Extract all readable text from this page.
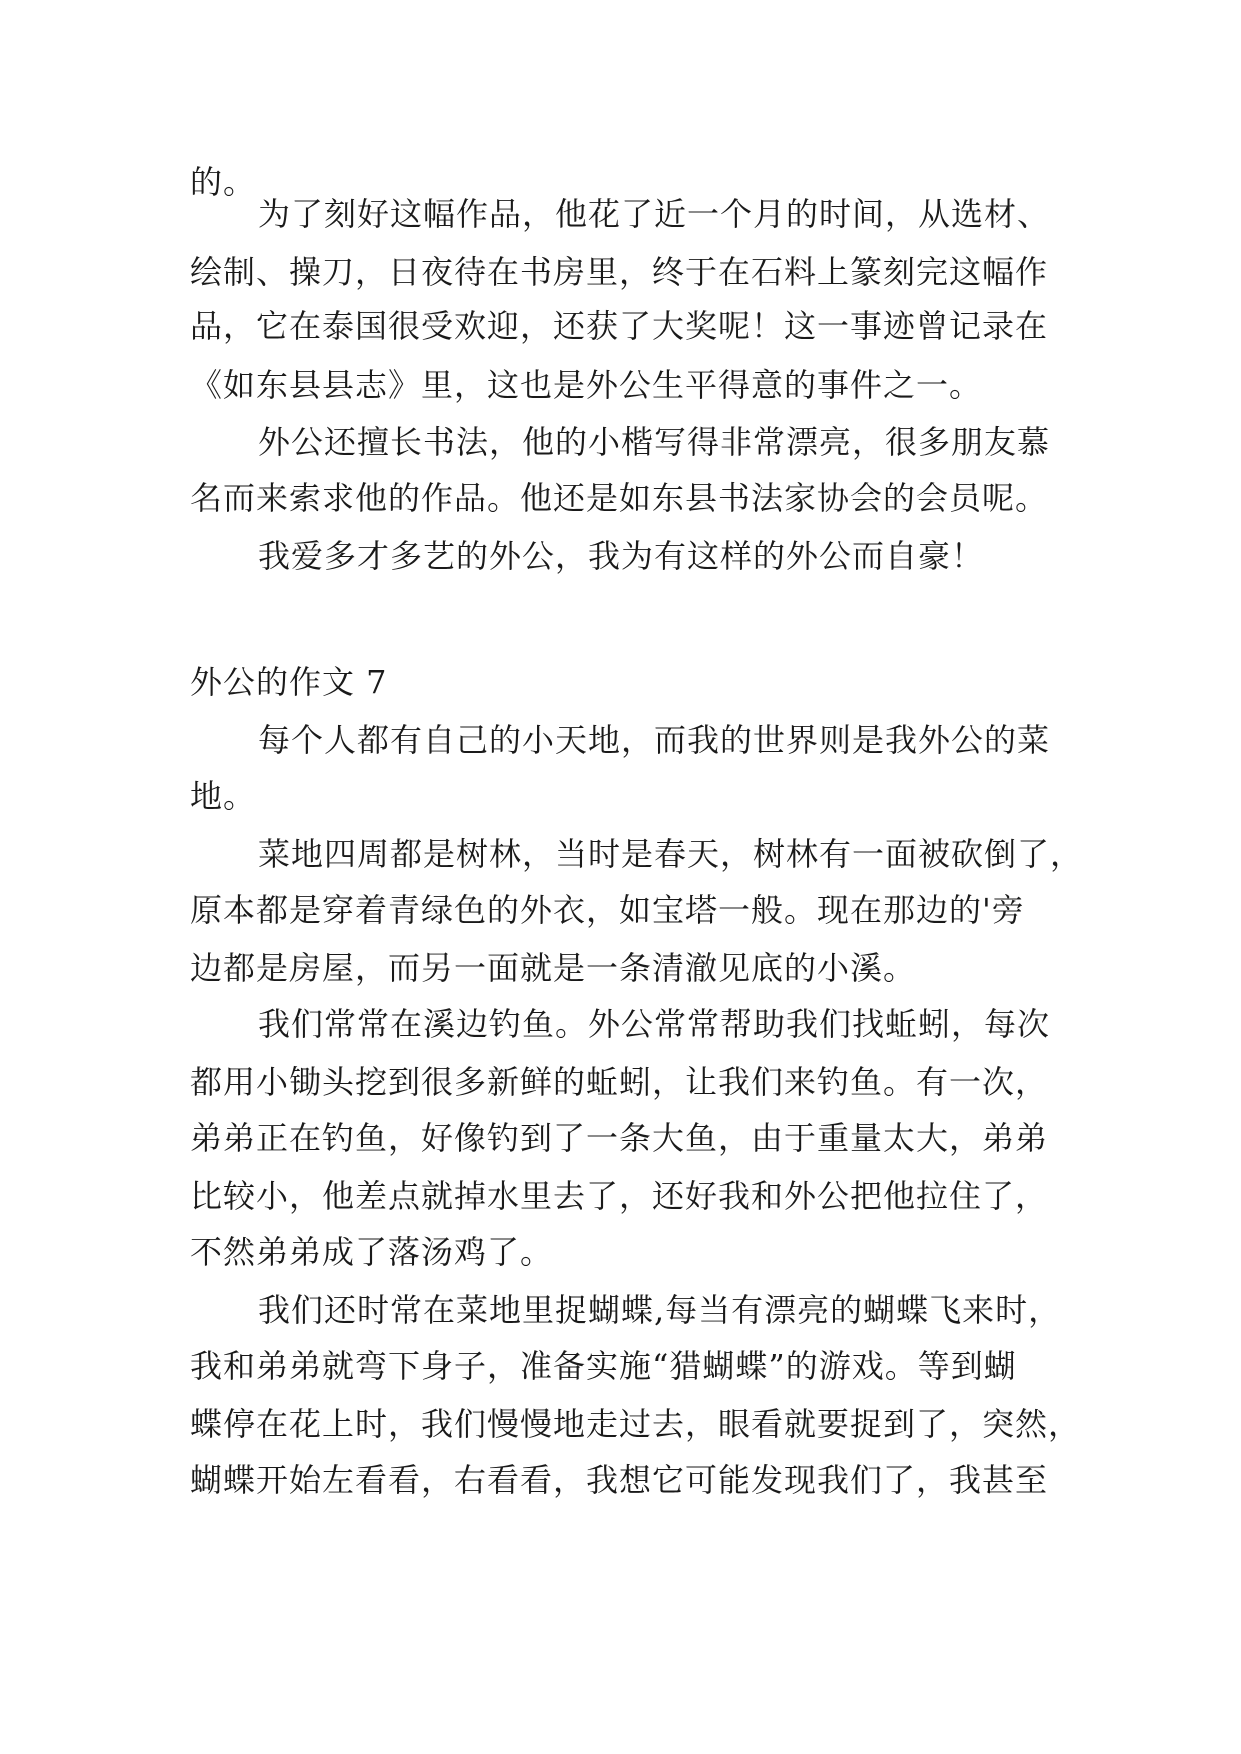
的。
为了刻好这幅作品，他花了近一个月的时间，从选材、
绘制、操刀，日夜待在书房里，终于在石料上篆刻完这幅作
品，它在泰国很受欢迎，还获了大奖呢！这一事迹曾记录在
《如东县县志》里，这也是外公生平得意的事件之一。
外公还擅长书法，他的小楷写得非常漂亮，很多朋友慕
名而来索求他的作品。他还是如东县书法家协会的会员呢。
我爱多才多艺的外公，我为有这样的外公而自豪！
外公的作文 7
每个人都有自己的小天地，而我的世界则是我外公的菜
地。
菜地四周都是树林，当时是春天，树林有一面被砍倒了，
原本都是穿着青绿色的外衣，如宝塔一般。现在那边的'旁
边都是房屋，而另一面就是一条清澈见底的小溪。
我们常常在溪边钓鱼。外公常常帮助我们找蚯蚓，每次
都用小锄头挖到很多新鲜的蚯蚓，让我们来钓鱼。有一次，
弟弟正在钓鱼，好像钓到了一条大鱼，由于重量太大，弟弟
比较小，他差点就掉水里去了，还好我和外公把他拉住了，
不然弟弟成了落汤鸡了。
我们还时常在菜地里捉蝴蝶,每当有漂亮的蝴蝶飞来时，
我和弟弟就弯下身子，准备实施“猎蝴蝶”的游戏。等到蝴
蝶停在花上时，我们慢慢地走过去，眼看就要捉到了，突然，
蝴蝶开始左看看，右看看，我想它可能发现我们了，我甚至
